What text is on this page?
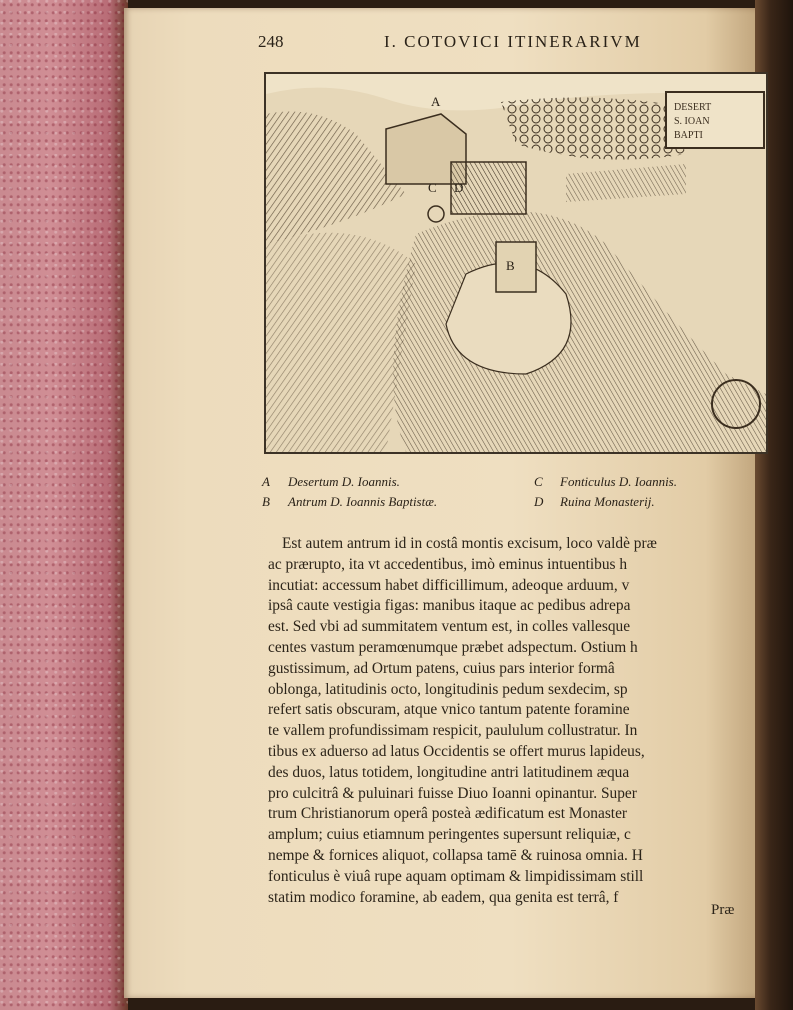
248	I. COTOVICI ITINERARIVM
DESERT
S. IOAN
BAPTI
A
B
C D
A Desertum D. Ioannis.
B Antrum D. Ioannis Baptistæ.
C Fonticulus D. Ioannis.
D Ruina Monasterij.
Est autem antrum id in costâ montis excisum, loco valdè præ
ac prærupto, ita vt accedentibus, imò eminus intuentibus h
incutiat: accessum habet difficillimum, adeoque arduum, v
ipsâ caute vestigia figas: manibus itaque ac pedibus adrepa
est. Sed vbi ad summitatem ventum est, in colles vallesque
centes vastum peramœnumque præbet adspectum. Ostium h
gustissimum, ad Ortum patens, cuius pars interior formâ
oblonga, latitudinis octo, longitudinis pedum sexdecim, sp
refert satis obscuram, atque vnico tantum patente foramine
te vallem profundissimam respicit, paululum collustratur. In
tibus ex aduerso ad latus Occidentis se offert murus lapideus,
des duos, latus totidem, longitudine antri latitudinem æqua
pro culcitrâ & puluinari fuisse Diuo Ioanni opinantur. Super
trum Christianorum operâ posteà ædificatum est Monaster
amplum; cuius etiamnum peringentes supersunt reliquiæ, c
nempe & fornices aliquot, collapsa tamē & ruinosa omnia. H
fonticulus è viuâ rupe aquam optimam & limpidissimam still
statim modico foramine, ab eadem, qua genita est terrâ, f
Præ
